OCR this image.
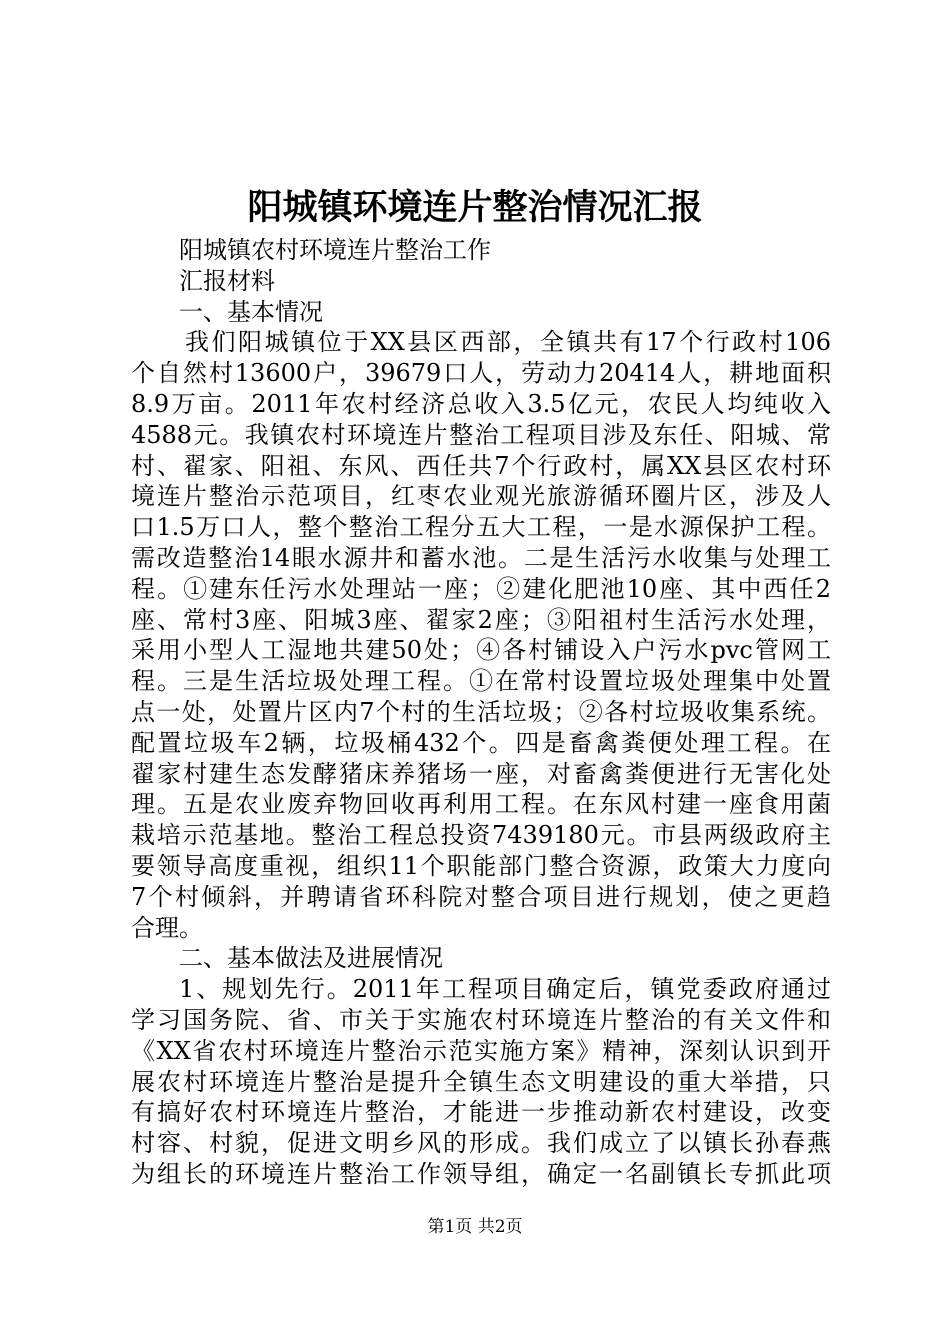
阳城镇环境连片整治情况汇报
阳城镇农村环境连片整治工作
汇报材料
一、基本情况
我们阳城镇位于XX县区西部，全镇共有17个行政村106
个自然村13600户，39679口人，劳动力20414人，耕地面积
8.9万亩。2011年农村经济总收入3.5亿元，农民人均纯收入
4588元。我镇农村环境连片整治工程项目涉及东任、阳城、常
村、翟家、阳祖、东风、西任共7个行政村，属XX县区农村环
境连片整治示范项目，红枣农业观光旅游循环圈片区，涉及人
口1.5万口人，整个整治工程分五大工程，一是水源保护工程。
需改造整治14眼水源井和蓄水池。二是生活污水收集与处理工
程。①建东任污水处理站一座；②建化肥池10座、其中西任2
座、常村3座、阳城3座、翟家2座；③阳祖村生活污水处理，
采用小型人工湿地共建50处；④各村铺设入户污水pvc管网工
程。三是生活垃圾处理工程。①在常村设置垃圾处理集中处置
点一处，处置片区内7个村的生活垃圾；②各村垃圾收集系统。
配置垃圾车2辆，垃圾桶432个。四是畜禽粪便处理工程。在
翟家村建生态发酵猪床养猪场一座，对畜禽粪便进行无害化处
理。五是农业废弃物回收再利用工程。在东风村建一座食用菌
栽培示范基地。整治工程总投资7439180元。市县两级政府主
要领导高度重视，组织11个职能部门整合资源，政策大力度向
7个村倾斜，并聘请省环科院对整合项目进行规划，使之更趋
合理。
二、基本做法及进展情况
1、规划先行。2011年工程项目确定后，镇党委政府通过
学习国务院、省、市关于实施农村环境连片整治的有关文件和
《XX省农村环境连片整治示范实施方案》精神，深刻认识到开
展农村环境连片整治是提升全镇生态文明建设的重大举措，只
有搞好农村环境连片整治，才能进一步推动新农村建设，改变
村容、村貌，促进文明乡风的形成。我们成立了以镇长孙春燕
为组长的环境连片整治工作领导组，确定一名副镇长专抓此项
第1页 共2页
